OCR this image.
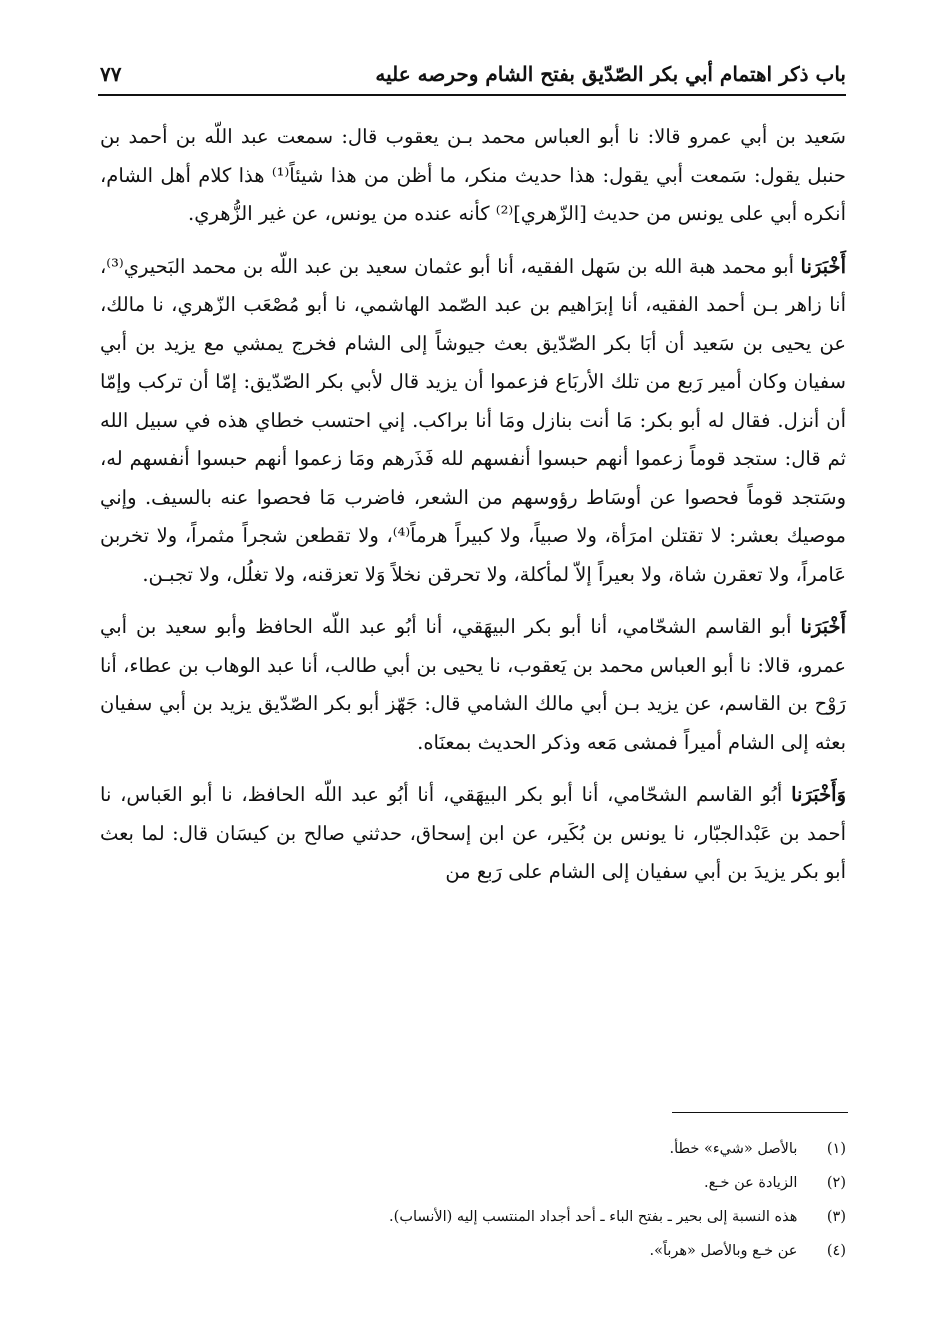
باب ذكر اهتمام أبي بكر الصّدّيق بفتح الشام وحرصه عليه
٧٧

سَعيد بن أبي عمرو قالا: نا أبو العباس محمد بـن يعقوب قال: سمعت عبد اللّه بن أحمد بن حنبل يقول: سَمعت أبي يقول: هذا حديث منكر، ما أظن من هذا شيئاً⁽¹⁾ هذا كلام أهل الشام، أنكره أبي على يونس من حديث [الزّهري]⁽²⁾ كأنه عنده من يونس، عن غير الزُّهري.

أَخْبَرَنا أبو محمد هبة الله بن سَهل الفقيه، أنا أبو عثمان سعيد بن عبد اللّه بن محمد البَحيري⁽³⁾، أنا زاهر بـن أحمد الفقيه، أنا إبرَاهيم بن عبد الصّمد الهاشمي، نا أبو مُصْعَب الزّهري، نا مالك، عن يحيى بن سَعيد أن أبَا بكر الصّدّيق بعث جيوشاً إلى الشام فخرج يمشي مع يزيد بن أبي سفيان وكان أمير رَبع من تلك الأربَاع فزعموا أن يزيد قال لأبي بكر الصّدّيق: إمّا أن تركب وإمّا أن أنزل. فقال له أبو بكر: مَا أنت بنازل ومَا أنا براكب. إني احتسب خطاي هذه في سبيل الله ثم قال: ستجد قوماً زعموا أنهم حبسوا أنفسهم لله فَذَرهم ومَا زعموا أنهم حبسوا أنفسهم له، وسَتجد قوماً فحصوا عن أوسَاط رؤوسهم من الشعر، فاضرب مَا فحصوا عنه بالسيف. وإني موصيك بعشر: لا تقتلن امرَأة، ولا صبياً، ولا كبيراً هرماً⁽⁴⁾، ولا تقطعن شجراً مثمراً، ولا تخربن عَامراً، ولا تعقرن شاة، ولا بعيراً إلاّ لمأكلة، ولا تحرقن نخلاً وَلا تعزقنه، ولا تغلُل، ولا تجبـن.

أَخْبَرَنا أبو القاسم الشحّامي، أنا أبو بكر البيهَقي، أنا أبُو عبد اللّه الحافظ وأبو سعيد بن أبي عمرو، قالا: نا أبو العباس محمد بن يَعقوب، نا يحيى بن أبي طالب، أنا عبد الوهاب بن عطاء، أنا رَوْح بن القاسم، عن يزيد بـن أبي مالك الشامي قال: جَهّز أبو بكر الصّدّيق يزيد بن أبي سفيان بعثه إلى الشام أميراً فمشى مَعه وذكر الحديث بمعنَاه.

وَأَخْبَرَنا أبُو القاسم الشحّامي، أنا أبو بكر البيهَقي، أنا أبُو عبد اللّه الحافظ، نا أبو العَباس، نا أحمد بن عَبْدالجبّار، نا يونس بن بُكَير، عن ابن إسحاق، حدثني صالح بن كيسَان قال: لما بعث أبو بكر يزيدَ بن أبي سفيان إلى الشام على رَبع من

(١) بالأصل «شيء» خطأ.
(٢) الزيادة عن خـع.
(٣) هذه النسبة إلى بحير ـ بفتح الباء ـ أحد أجداد المنتسب إليه (الأنساب).
(٤) عن خـع وبالأصل «هرباً».
